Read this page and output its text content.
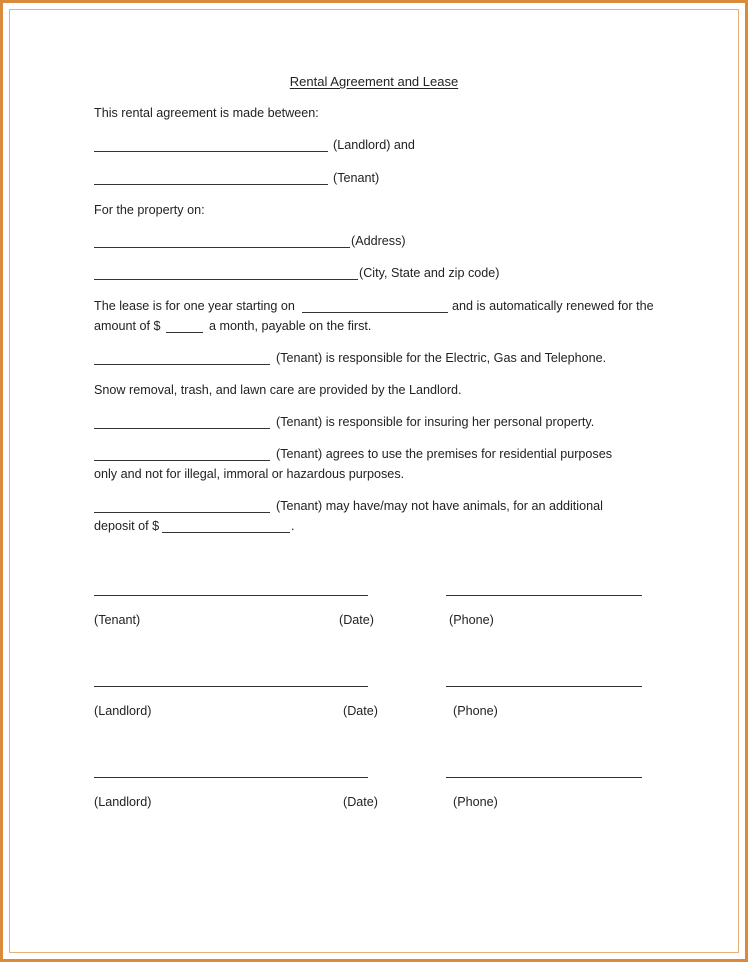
Rental Agreement and Lease
This rental agreement is made between:
(Landlord) and
(Tenant)
For the property on:
(Address)
(City, State and zip code)
The lease is for one year starting on	and is automatically renewed for the
amount of $	a month, payable on the first.
(Tenant) is responsible for the Electric, Gas and Telephone.
Snow removal, trash, and lawn care are provided by the Landlord.
(Tenant) is responsible for insuring her personal property.
(Tenant) agrees to use the premises for residential purposes
only and not for illegal, immoral or hazardous purposes.
(Tenant) may have/may not have animals, for an additional
deposit of $	.
(Tenant)	(Date)	(Phone)
(Landlord)	(Date)	(Phone)
(Landlord)	(Date)	(Phone)
